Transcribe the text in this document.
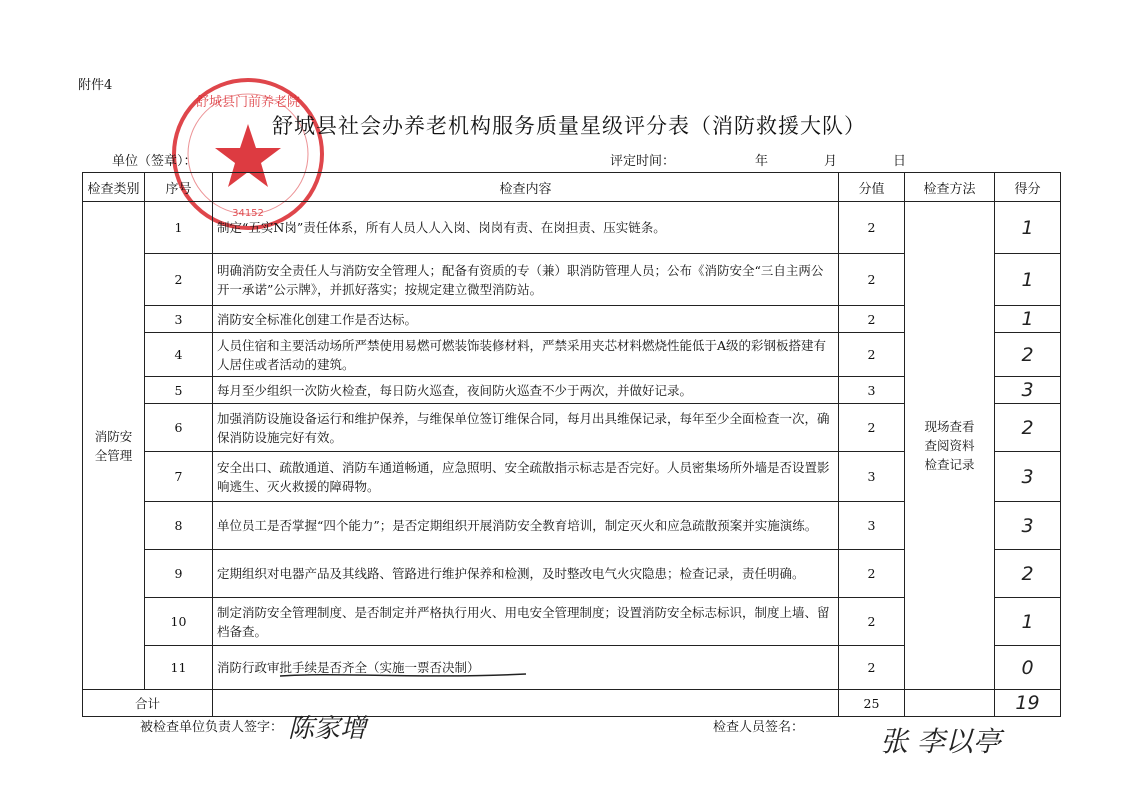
附件4
舒城县门前养老院
34152
舒城县社会办养老机构服务质量星级评分表（消防救援大队）
单位（签章）：	评定时间：	年	月	日
检查类别	序号	检查内容	分值	检查方法	得分

消防安全管理	1	制定“五实N岗”责任体系，所有人员人人入岗、岗岗有责、在岗担责、压实链条。	2	现场查看查阅资料检查记录	1
	2	明确消防安全责任人与消防安全管理人；配备有资质的专（兼）职消防管理人员；公布《消防安全“三自主两公开一承诺”公示牌》，并抓好落实；按规定建立微型消防站。	2		1
	3	消防安全标准化创建工作是否达标。	2		1
	4	人员住宿和主要活动场所严禁使用易燃可燃装饰装修材料，严禁采用夹芯材料燃烧性能低于A级的彩钢板搭建有人居住或者活动的建筑。	2		2
	5	每月至少组织一次防火检查，每日防火巡查，夜间防火巡查不少于两次，并做好记录。	3		3
	6	加强消防设施设备运行和维护保养，与维保单位签订维保合同，每月出具维保记录，每年至少全面检查一次，确保消防设施完好有效。	2		2
	7	安全出口、疏散通道、消防车通道畅通，应急照明、安全疏散指示标志是否完好。人员密集场所外墙是否设置影响逃生、灭火救援的障碍物。	3		3
	8	单位员工是否掌握“四个能力”；是否定期组织开展消防安全教育培训，制定灭火和应急疏散预案并实施演练。	3		3
	9	定期组织对电器产品及其线路、管路进行维护保养和检测，及时整改电气火灾隐患；检查记录，责任明确。	2		2
	10	制定消防安全管理制度、是否制定并严格执行用火、用电安全管理制度；设置消防安全标志标识，制度上墙、留档备查。	2		1
	11	消防行政审批手续是否齐全（实施一票否决制）	2		0
合计			25		19
被检查单位负责人签字： 陈家增	检查人员签名：	张 李以亭
